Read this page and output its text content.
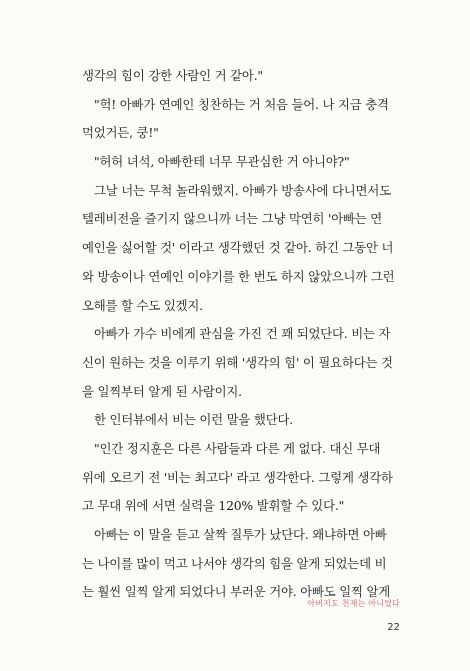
생각의 힘이 강한 사람인 거 같아."
"헉! 아빠가 연예인 칭찬하는 거 처음 들어. 나 지금 충격
먹었거든, 쿵!"
"허허 녀석, 아빠한테 너무 무관심한 거 아니야?"
그날 너는 무척 놀라워했지. 아빠가 방송사에 다니면서도
텔레비전을 즐기지 않으니까 너는 그냥 막연히 '아빠는 연
예인을 싫어할 것' 이라고 생각했던 것 같아. 하긴 그동안 너
와 방송이나 연예인 이야기를 한 번도 하지 않았으니까 그런
오해를 할 수도 있겠지.
아빠가 가수 비에게 관심을 가진 건 꽤 되었단다. 비는 자
신이 원하는 것을 이루기 위해 '생각의 힘' 이 필요하다는 것
을 일찍부터 알게 된 사람이지.
한 인터뷰에서 비는 이런 말을 했단다.
"인간 정지훈은 다른 사람들과 다른 게 없다. 대신 무대
위에 오르기 전 '비는 최고다' 라고 생각한다. 그렇게 생각하
고 무대 위에 서면 실력을 120% 발휘할 수 있다."
아빠는 이 말을 듣고 살짝 질투가 났단다. 왜냐하면 아빠
는 나이를 많이 먹고 나서야 생각의 힘을 알게 되었는데 비
는 훨씬 일찍 알게 되었다니 부러운 거야. 아빠도 일찍 알게
아버지도 천재는 아니었다
22
